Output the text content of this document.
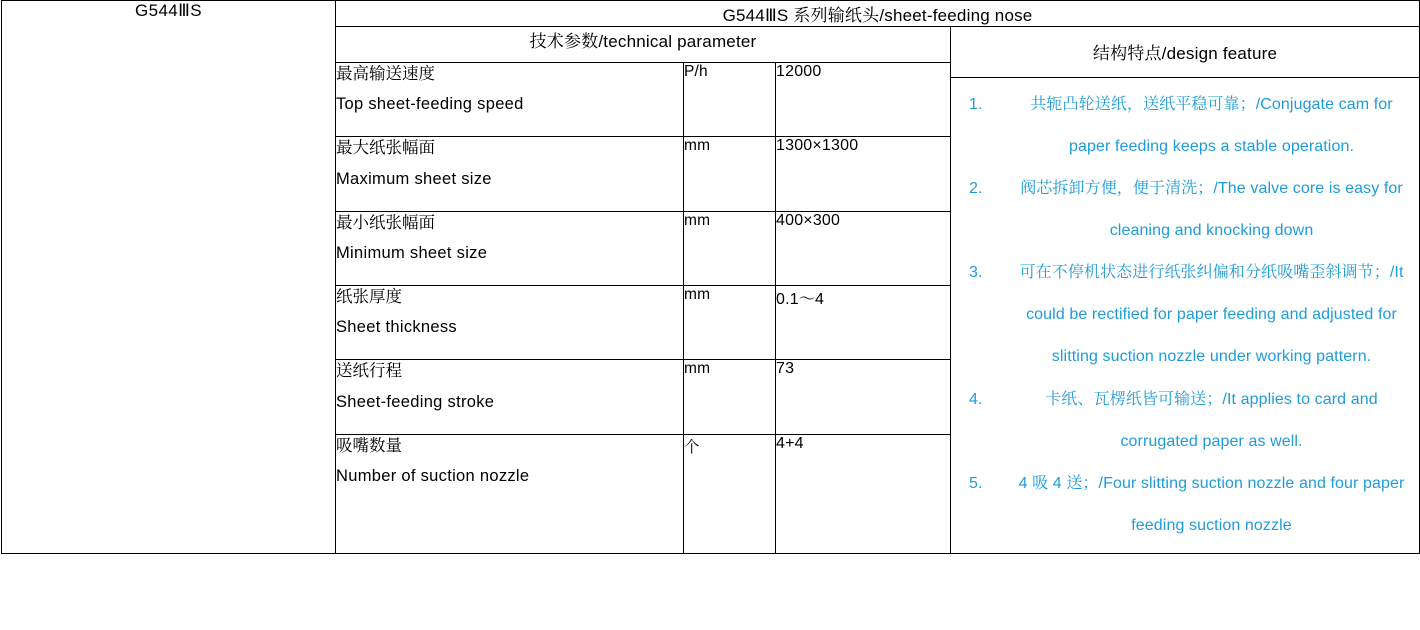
G544ⅢS	G544ⅢS 系列输纸头/sheet-feeding nose			
技术参数/technical parameter	
结构特点/design feature
1.	共轭凸轮送纸，送纸平稳可靠；/Conjugate cam for paper feeding keeps a stable operation.
2. 阀芯拆卸方便，便于清洗；/The valve core is easy for cleaning and knocking down
3. 可在不停机状态进行纸张纠偏和分纸吸嘴歪斜调节；/It could be rectified for paper feeding and adjusted for slitting suction nozzle under working pattern.
4.	卡纸、瓦楞纸皆可输送；/It applies to card and corrugated paper as well.
5. 4 吸 4 送；/Four slitting suction nozzle and four paper feeding suction nozzle

	最高输送速度
Top sheet-feeding speed	P/h	12000	

	最大纸张幅面
Maximum sheet size	mm	1300×1300	

	最小纸张幅面
Minimum sheet size	mm	400×300	

	纸张厚度
Sheet thickness	mm	0.1～4	

	送纸行程
Sheet-feeding stroke	mm	73	

	吸嘴数量
Number of suction nozzle	个	4+4	
